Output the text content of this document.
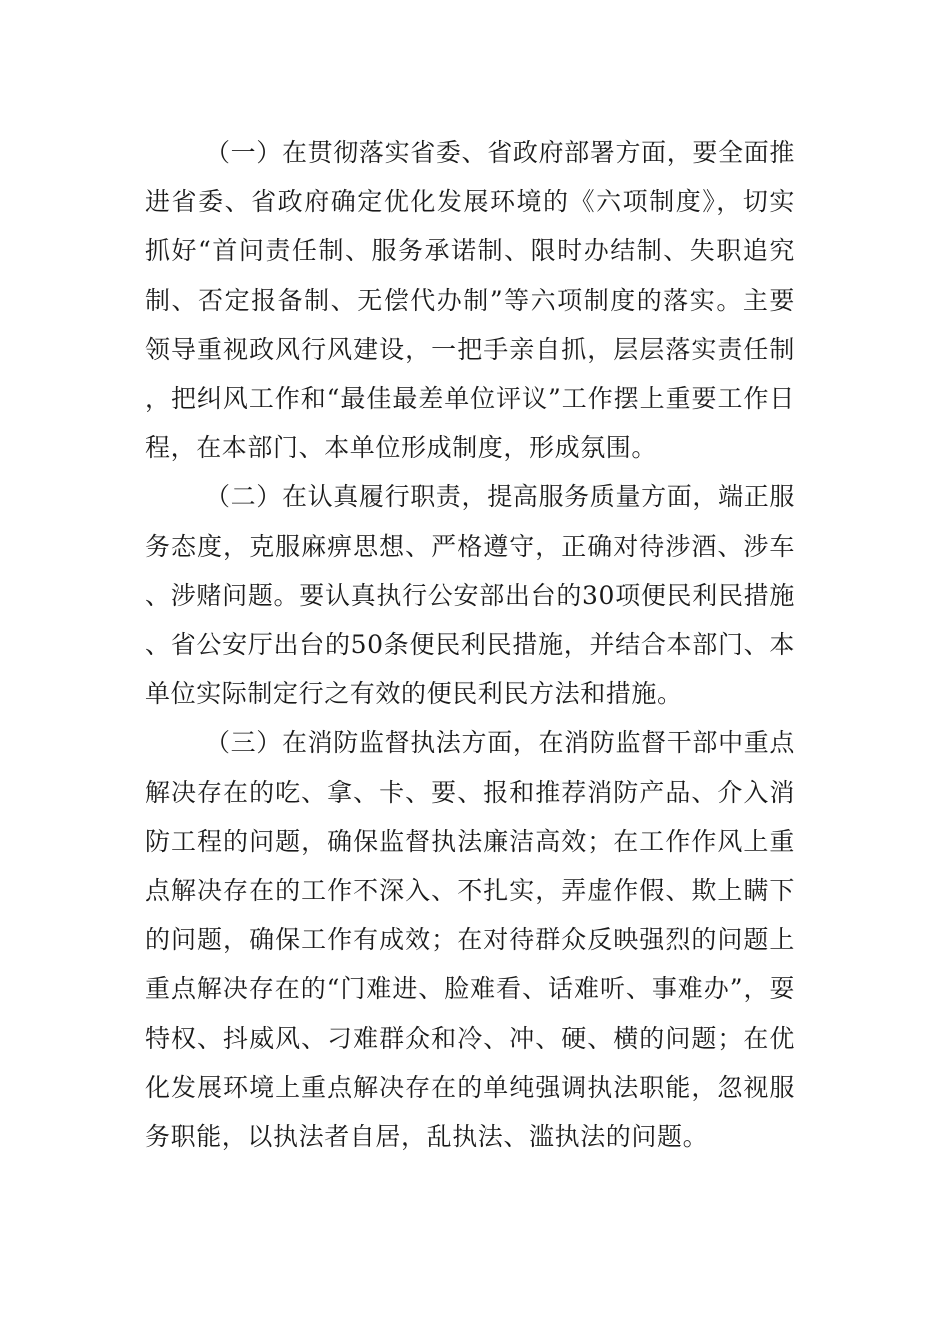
（一）在贯彻落实省委、省政府部署方面，要全面推进省委、省政府确定优化发展环境的《六项制度》，切实抓好“首问责任制、服务承诺制、限时办结制、失职追究制、否定报备制、无偿代办制”等六项制度的落实。主要领导重视政风行风建设，一把手亲自抓，层层落实责任制，把纠风工作和“最佳最差单位评议”工作摆上重要工作日程，在本部门、本单位形成制度，形成氛围。

（二）在认真履行职责，提高服务质量方面，端正服务态度，克服麻痹思想、严格遵守，正确对待涉酒、涉车、涉赌问题。要认真执行公安部出台的30项便民利民措施、省公安厅出台的50条便民利民措施，并结合本部门、本单位实际制定行之有效的便民利民方法和措施。

（三）在消防监督执法方面，在消防监督干部中重点解决存在的吃、拿、卡、要、报和推荐消防产品、介入消防工程的问题，确保监督执法廉洁高效；在工作作风上重点解决存在的工作不深入、不扎实，弄虚作假、欺上瞒下的问题，确保工作有成效；在对待群众反映强烈的问题上重点解决存在的“门难进、脸难看、话难听、事难办”，耍特权、抖威风、刁难群众和冷、冲、硬、横的问题；在优化发展环境上重点解决存在的单纯强调执法职能，忽视服务职能，以执法者自居，乱执法、滥执法的问题。
